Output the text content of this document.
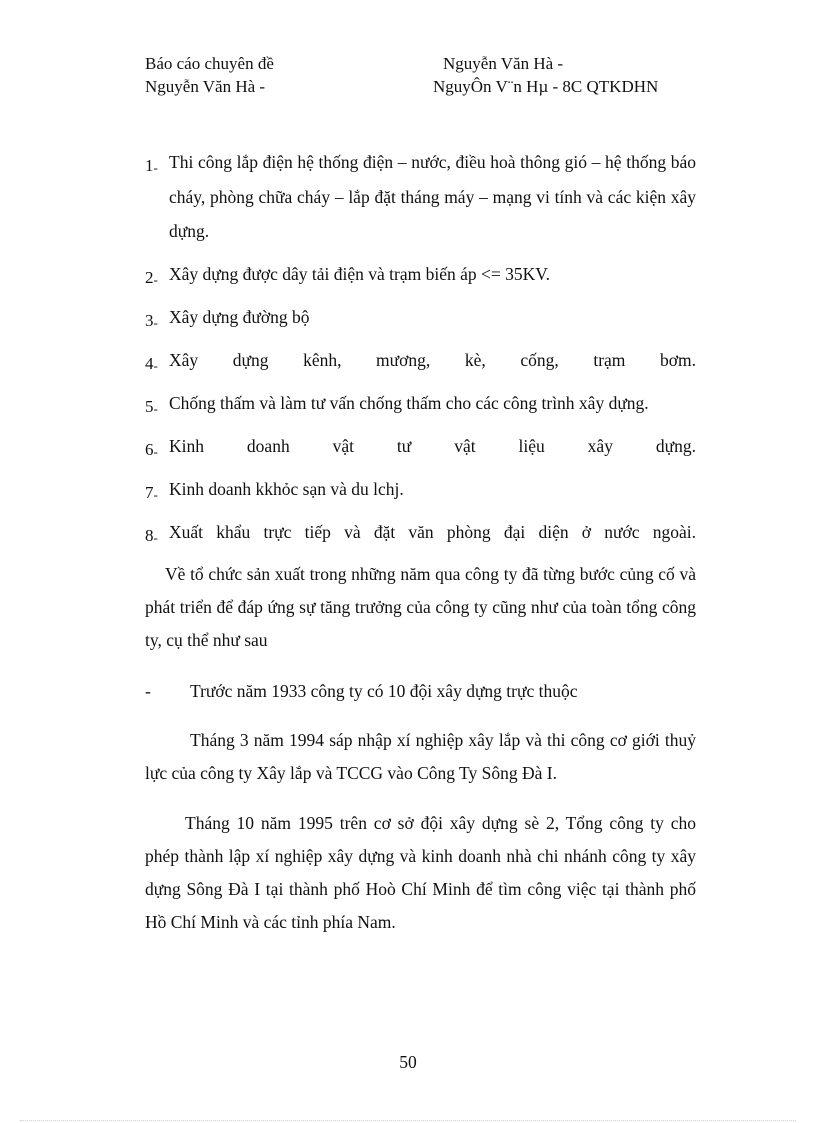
Báo cáo chuyên đề
Nguyễn Văn Hà -
Nguyễn Văn Hà -
NguyÔn V¨n Hµ - 8C QTKDHN
1 - Thi công lắp điện hệ thống điện – nước, điều hoà thông gió – hệ thống báo cháy, phòng chữa cháy – lắp đặt tháng máy – mạng vi tính và các kiện xây dựng.
2 - Xây dựng được dây tải điện và trạm biến áp <= 35KV.
3 - Xây dựng đường bộ
4 - Xây dựng kênh, mương, kè, cống, trạm bơm.
5 - Chống thấm và làm tư vấn chống thấm cho các công trình xây dựng.
6 - Kinh doanh vật tư vật liệu xây dựng.
7 - Kinh doanh kkhỏc sạn và du lchj.
8 - Xuất khẩu trực tiếp và đặt văn phòng đại diện ở nước ngoài.

Về tổ chức sản xuất trong những năm qua công ty đã từng bước củng cố và phát triển để đáp ứng sự tăng trưởng của công ty cũng như của toàn tổng công ty, cụ thể như sau

- Trước năm 1933 công ty có 10 đội xây dựng trực thuộc

Tháng 3 năm 1994 sáp nhập xí nghiệp xây lắp và thi công cơ giới thuỷ lực của công ty Xây lắp và TCCG vào Công Ty Sông Đà I.

Tháng 10 năm 1995 trên cơ sở đội xây dựng sè 2, Tổng công ty cho phép thành lập xí nghiệp xây dựng và kinh doanh nhà chi nhánh công ty xây dựng Sông Đà I tại thành phố Hoò Chí Minh để tìm công việc tại thành phố Hồ Chí Minh và các tỉnh phía Nam.

50
